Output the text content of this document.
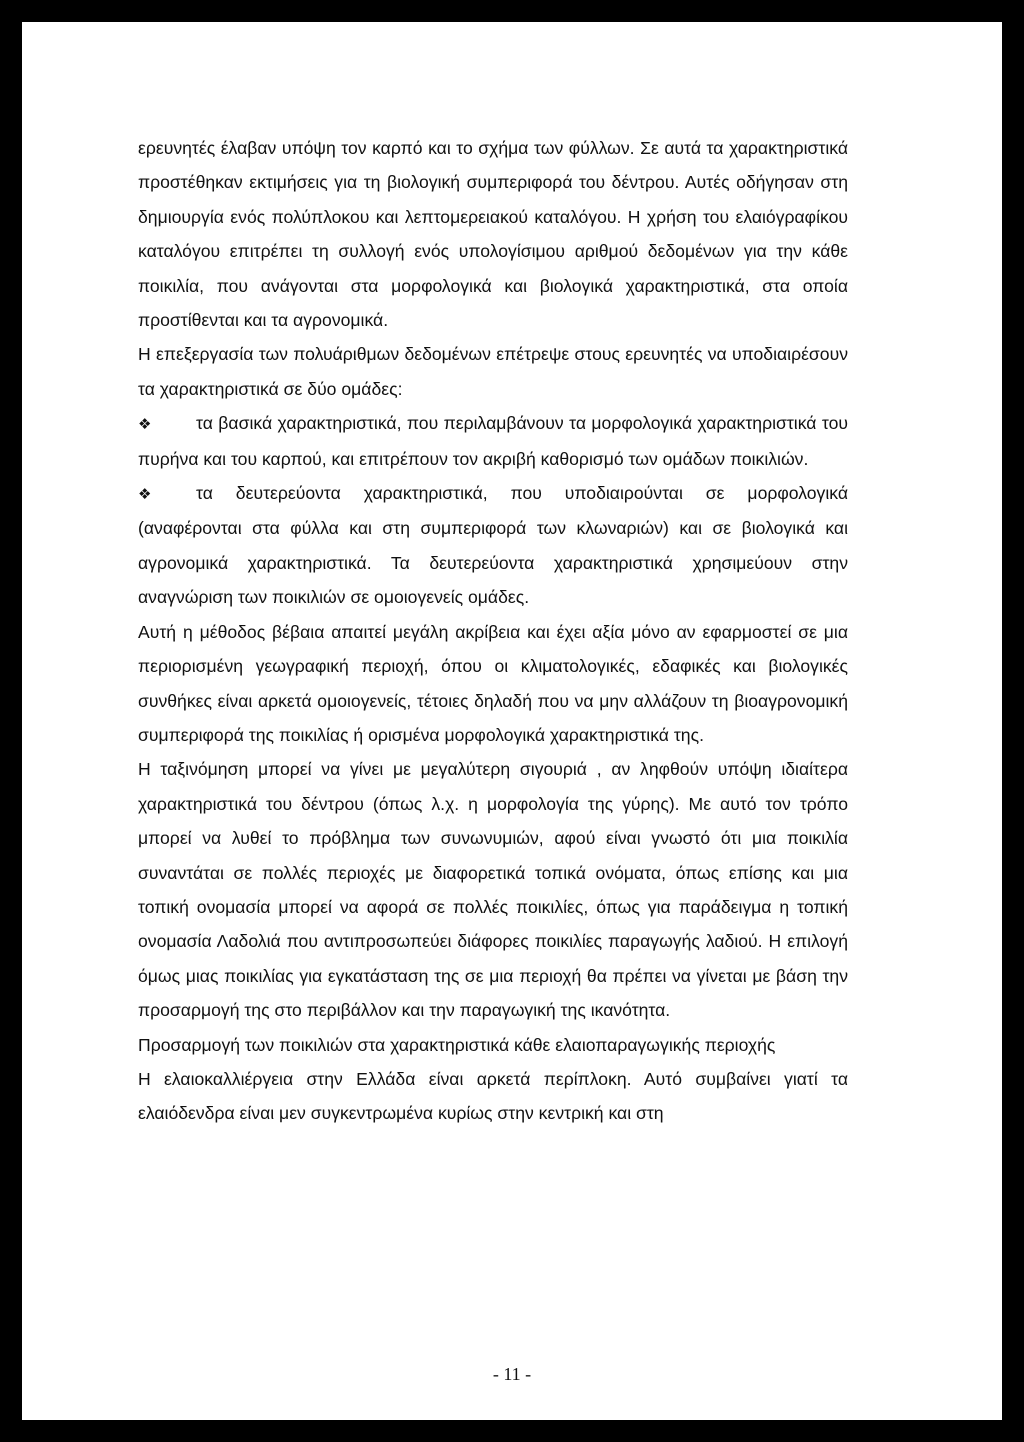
ερευνητές έλαβαν υπόψη τον καρπό και το σχήμα των φύλλων. Σε αυτά τα χαρακτηριστικά προστέθηκαν εκτιμήσεις για τη βιολογική συμπεριφορά του δέντρου. Αυτές οδήγησαν στη δημιουργία ενός πολύπλοκου και λεπτομερειακού καταλόγου. Η χρήση του ελαιόγραφίκου καταλόγου επιτρέπει τη συλλογή ενός υπολογίσιμου αριθμού δεδομένων για την κάθε ποικιλία, που ανάγονται στα μορφολογικά και βιολογικά χαρακτηριστικά, στα οποία προστίθενται και τα αγρονομικά.

Η επεξεργασία των πολυάριθμων δεδομένων επέτρεψε στους ερευνητές να υποδιαιρέσουν τα χαρακτηριστικά σε δύο ομάδες:

❖	τα βασικά χαρακτηριστικά, που περιλαμβάνουν τα μορφολογικά χαρακτηριστικά του πυρήνα και του καρπού, και επιτρέπουν τον ακριβή καθορισμό των ομάδων ποικιλιών.

❖	τα δευτερεύοντα χαρακτηριστικά, που υποδιαιρούνται σε μορφολογικά (αναφέρονται στα φύλλα και στη συμπεριφορά των κλωναριών) και σε βιολογικά και αγρονομικά χαρακτηριστικά. Τα δευτερεύοντα χαρακτηριστικά χρησιμεύουν στην αναγνώριση των ποικιλιών σε ομοιογενείς ομάδες.

Αυτή η μέθοδος βέβαια απαιτεί μεγάλη ακρίβεια και έχει αξία μόνο αν εφαρμοστεί σε μια περιορισμένη γεωγραφική περιοχή, όπου οι κλιματολογικές, εδαφικές και βιολογικές συνθήκες είναι αρκετά ομοιογενείς, τέτοιες δηλαδή που να μην αλλάζουν τη βιοαγρονομική συμπεριφορά της ποικιλίας ή ορισμένα μορφολογικά χαρακτηριστικά της.

Η ταξινόμηση μπορεί να γίνει με μεγαλύτερη σιγουριά , αν ληφθούν υπόψη ιδιαίτερα χαρακτηριστικά του δέντρου (όπως λ.χ. η μορφολογία της γύρης). Με αυτό τον τρόπο μπορεί να λυθεί το πρόβλημα των συνωνυμιών, αφού είναι γνωστό ότι μια ποικιλία συναντάται σε πολλές περιοχές με διαφορετικά τοπικά ονόματα, όπως επίσης και μια τοπική ονομασία μπορεί να αφορά σε πολλές ποικιλίες, όπως για παράδειγμα η τοπική ονομασία Λαδολιά που αντιπροσωπεύει διάφορες ποικιλίες παραγωγής λαδιού. Η επιλογή όμως μιας ποικιλίας για εγκατάσταση της σε μια περιοχή θα πρέπει να γίνεται με βάση την προσαρμογή της στο περιβάλλον και την παραγωγική της ικανότητα.

Προσαρμογή των ποικιλιών στα χαρακτηριστικά κάθε ελαιοπαραγωγικής περιοχής

Η ελαιοκαλλιέργεια στην Ελλάδα είναι αρκετά περίπλοκη. Αυτό συμβαίνει γιατί τα ελαιόδενδρα είναι μεν συγκεντρωμένα κυρίως στην κεντρική και στη

- 11 -
